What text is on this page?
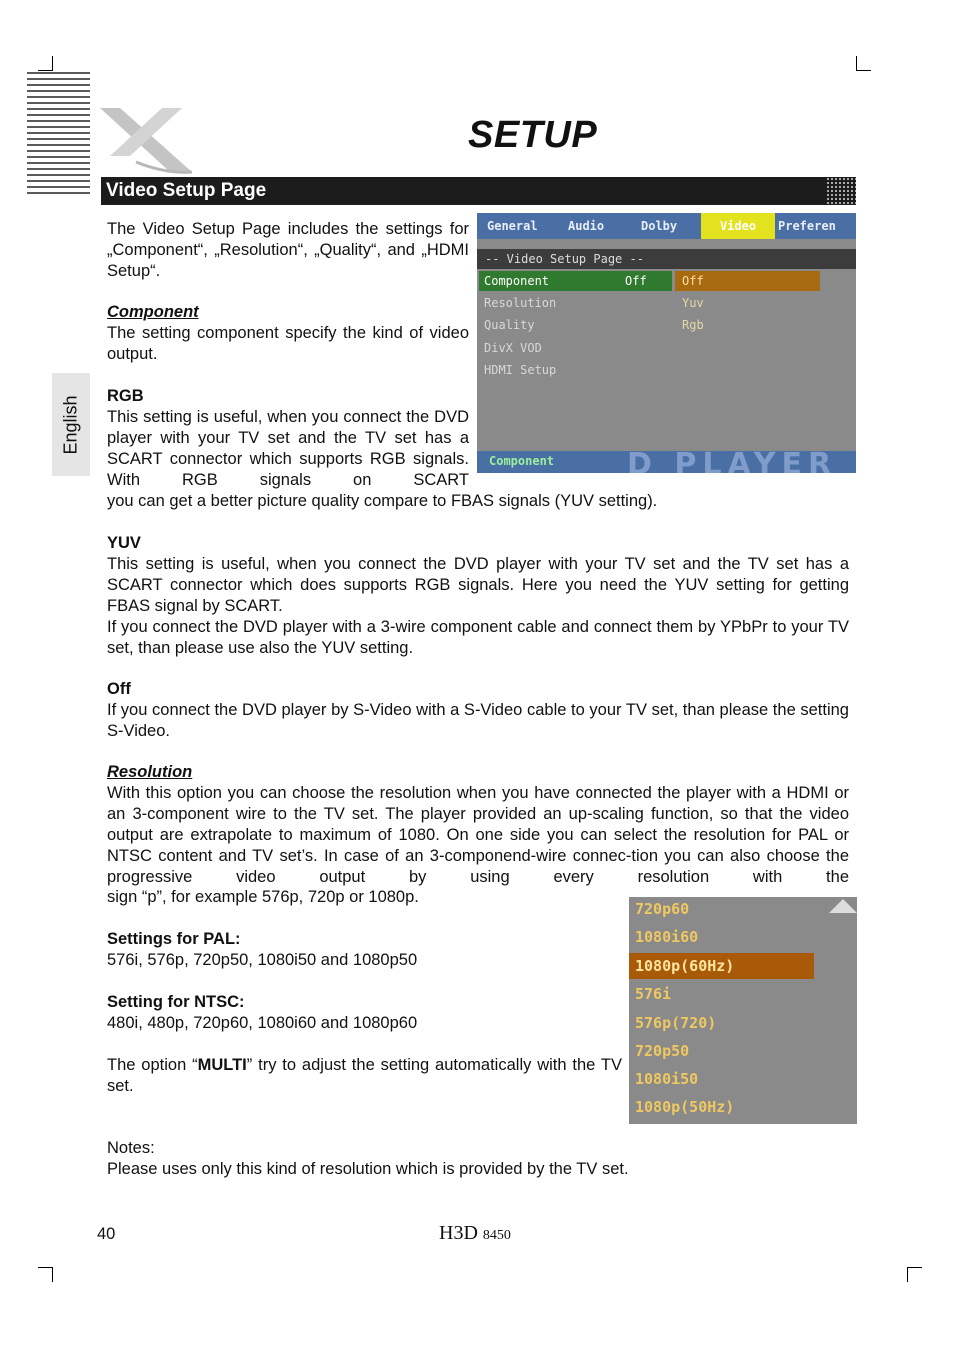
SETUP
Video Setup Page
English

The Video Setup Page includes the settings for „Component“, „Resolution“, „Quality“, and „HDMI Setup“.

Component

The setting component specify the kind of video output.

RGB

This setting is useful, when you connect the DVD player with your TV set and the TV set has a SCART connector which supports RGB signals. With RGB signals on SCART

you can get a better picture quality compare to FBAS signals (YUV setting).

General	Audio	Dolby	Video	Preferen
-- Video Setup Page --
Component	Off
Resolution
Quality
DivX VOD
HDMI Setup
Off
Yuv
Rgb
D PLAYER
Component

YUV

This setting is useful, when you connect the DVD player with your TV set and the TV set has a SCART connector which does supports RGB signals. Here you need the YUV setting for getting FBAS signal by SCART.

If you connect the DVD player with a 3-wire component cable and connect them by YPbPr to your TV set, than please use also the YUV setting.

Off

If you connect the DVD player by S-Video with a S-Video cable to your TV set, than please the setting S-Video.

Resolution

With this option you can choose the resolution when you have connected the player with a HDMI or an 3-component wire to the TV set. The player provided an up-scaling function, so that the video output are extrapolate to maximum of 1080. On one side you can select the resolution for PAL or NTSC content and TV set’s. In case of an 3-componend-wire connec-tion you can also choose the progressive video output by using every resolution with the

sign “p”, for example 576p, 720p or 1080p.

Settings for PAL:

576i, 576p, 720p50, 1080i50 and 1080p50

Setting for NTSC:

480i, 480p, 720p60, 1080i60 and 1080p60

The option “MULTI” try to adjust the setting automatically with the TV set.

720p60
1080i60
1080p(60Hz)
576i
576p(720)
720p50
1080i50
1080p(50Hz)

Notes:

Please uses only this kind of resolution which is provided by the TV set.

40	H3D 8450
